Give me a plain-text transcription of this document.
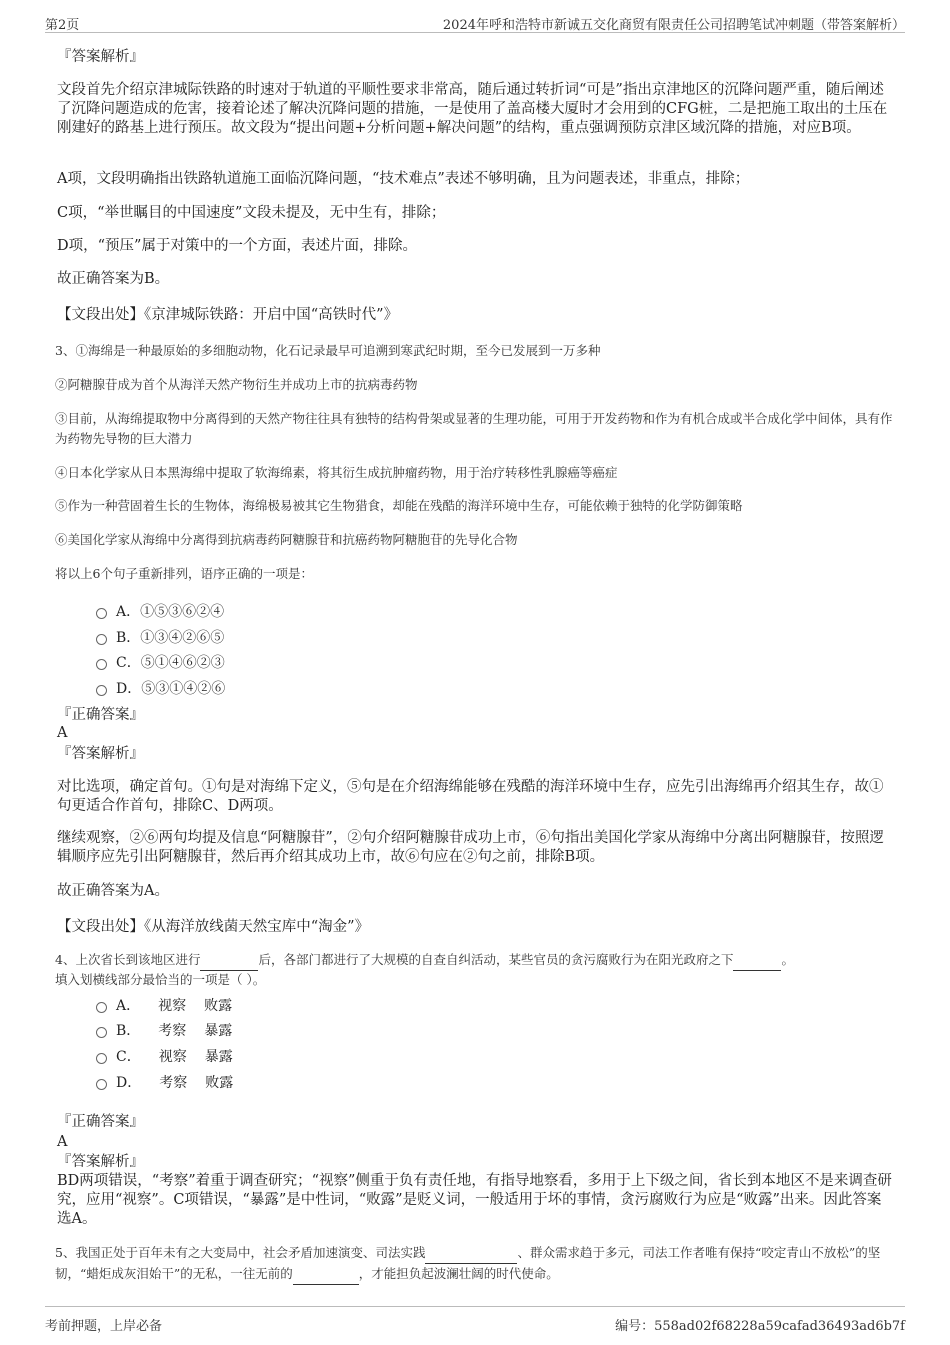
第2页	2024年呼和浩特市新诚五交化商贸有限责任公司招聘笔试冲刺题（带答案解析）
『答案解析』
文段首先介绍京津城际铁路的时速对于轨道的平顺性要求非常高，随后通过转折词“可是”指出京津地区的沉降问题严重，随后阐述了沉降问题造成的危害，接着论述了解决沉降问题的措施，一是使用了盖高楼大厦时才会用到的CFG桩，二是把施工取出的土压在刚建好的路基上进行预压。故文段为“提出问题+分析问题+解决问题”的结构，重点强调预防京津区域沉降的措施，对应B项。
A项，文段明确指出铁路轨道施工面临沉降问题，“技术难点”表述不够明确，且为问题表述，非重点，排除；
C项，“举世瞩目的中国速度”文段未提及，无中生有，排除；
D项，“预压”属于对策中的一个方面，表述片面，排除。
故正确答案为B。
【文段出处】《京津城际铁路：开启中国“高铁时代”》
3、①海绵是一种最原始的多细胞动物，化石记录最早可追溯到寒武纪时期，至今已发展到一万多种
②阿糖腺苷成为首个从海洋天然产物衍生并成功上市的抗病毒药物
③目前，从海绵提取物中分离得到的天然产物往往具有独特的结构骨架或显著的生理功能，可用于开发药物和作为有机合成或半合成化学中间体，具有作为药物先导物的巨大潜力
④日本化学家从日本黑海绵中提取了软海绵素，将其衍生成抗肿瘤药物，用于治疗转移性乳腺癌等癌症
⑤作为一种营固着生长的生物体，海绵极易被其它生物猎食，却能在残酷的海洋环境中生存，可能依赖于独特的化学防御策略
⑥美国化学家从海绵中分离得到抗病毒药阿糖腺苷和抗癌药物阿糖胞苷的先导化合物
将以上6个句子重新排列，语序正确的一项是：
A．①⑤③⑥②④
B．①③④②⑥⑤
C．⑤①④⑥②③
D．⑤③①④②⑥
『正确答案』
A
『答案解析』
对比选项，确定首句。①句是对海绵下定义，⑤句是在介绍海绵能够在残酷的海洋环境中生存，应先引出海绵再介绍其生存，故①句更适合作首句，排除C、D两项。
继续观察，②⑥两句均提及信息“阿糖腺苷”，②句介绍阿糖腺苷成功上市，⑥句指出美国化学家从海绵中分离出阿糖腺苷，按照逻辑顺序应先引出阿糖腺苷，然后再介绍其成功上市，故⑥句应在②句之前，排除B项。
故正确答案为A。
【文段出处】《从海洋放线菌天然宝库中“淘金”》
4、上次省长到该地区进行	后，各部门都进行了大规模的自查自纠活动，某些官员的贪污腐败行为在阳光政府之下	。
填入划横线部分最恰当的一项是（ ）。
A． 视察 败露
B． 考察 暴露
C． 视察 暴露
D． 考察 败露
『正确答案』
A
『答案解析』
BD两项错误，“考察”着重于调查研究；“视察”侧重于负有责任地，有指导地察看，多用于上下级之间，省长到本地区不是来调查研究，应用“视察”。C项错误，“暴露”是中性词，“败露”是贬义词，一般适用于坏的事情，贪污腐败行为应是“败露”出来。因此答案选A。
5、我国正处于百年未有之大变局中，社会矛盾加速演变、司法实践	、群众需求趋于多元，司法工作者唯有保持“咬定青山不放松”的坚韧，“蜡炬成灰泪始干”的无私，一往无前的	，才能担负起波澜壮阔的时代使命。
考前押题，上岸必备	编号：558ad02f68228a59cafad36493ad6b7f
